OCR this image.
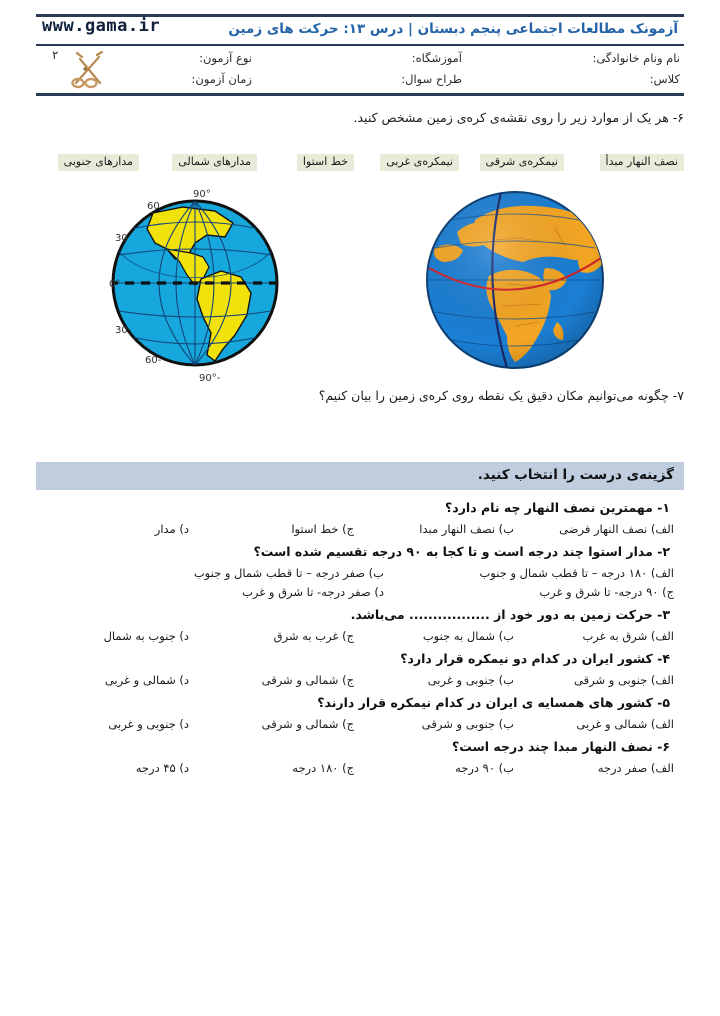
www.gama.ir	آزمونک مطالعات اجتماعی پنجم دبستان | درس ۱۳: حرکت های زمین
۲	نام ونام خانوادگی:
کلاس:
آموزشگاه:
طراح سوال:
نوع آزمون:
زمان آزمون:
۶- هر یک از موارد زیر را روی نقشه‌ی کره‌ی زمین مشخص کنید.
نصف النهار مبدأ
نیمکره‌ی شرقی
نیمکره‌ی غربی
خط استوا
مدارهای شمالی
مدارهای جنوبی
90°
60
30
0°
-30
-60
-90°
۷- چگونه می‌توانیم مکان دقیق یک نقطه روی کره‌ی زمین را بیان کنیم؟
گزینه‌ی درست را انتخاب کنید.
۱- مهمترین نصف النهار چه نام دارد؟
الف) نصف النهار فرضی
ب) نصف النهار مبدا
ج) خط استوا
د) مدار
۲- مدار استوا چند درجه است و تا کجا به ۹۰ درجه تقسیم شده است؟
الف) ۱۸۰ درجه – تا قطب شمال و جنوب
ب) صفر درجه – تا قطب شمال و جنوب
ج) ۹۰ درجه- تا شرق و غرب
د) صفر درجه- تا شرق و غرب
۳- حرکت زمین به دور خود از ................. می‌باشد.
الف) شرق به غرب
ب) شمال به جنوب
ج) غرب به شرق
د) جنوب به شمال
۴- کشور ایران در کدام دو نیمکره قرار دارد؟
الف) جنوبی و شرقی
ب) جنوبی و غربی
ج) شمالی و شرقی
د) شمالی و غربی
۵- کشور های همسایه ی ایران در کدام نیمکره قرار دارند؟
الف) شمالی و غربی
ب) جنوبی و شرقی
ج) شمالی و شرقی
د) جنوبی و غربی
۶- نصف النهار مبدا چند درجه است؟
الف) صفر درجه
ب) ۹۰ درجه
ج) ۱۸۰ درجه
د) ۴۵ درجه
